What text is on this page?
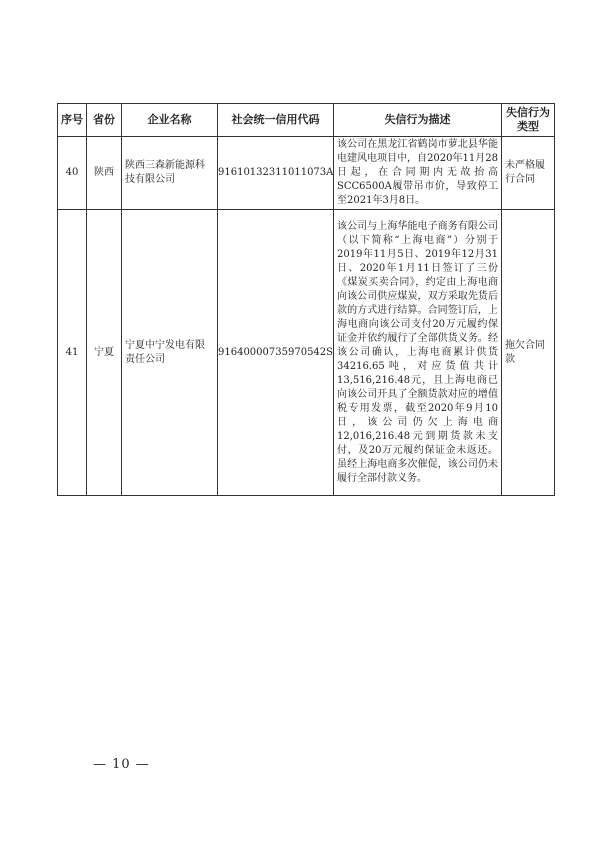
序号	省份	企业名称	社会统一信用代码	失信行为描述	失信行为类型
40	陕西	陕西三森新能源科技有限公司	91610132311011073A	该公司在黑龙江省鹤岗市萝北县华能电建风电项目中，自2020年11月28日起，在合同期内无故抬高SCC6500A履带吊市价，导致停工至2021年3月8日。	未严格履行合同
41	宁夏	宁夏中宁发电有限责任公司	91640000735970542S	该公司与上海华能电子商务有限公司（以下简称“上海电商”）分别于2019年11月5日、2019年12月31日、2020年1月11日签订了三份《煤炭买卖合同》，约定由上海电商向该公司供应煤炭，双方采取先货后款的方式进行结算。合同签订后，上海电商向该公司支付20万元履约保证金并依约履行了全部供货义务。经该公司确认，上海电商累计供货34216.65吨，对应货值共计13,516,216.48元，且上海电商已向该公司开具了全额货款对应的增值税专用发票，截至2020年9月10日，该公司仍欠上海电商12,016,216.48元到期货款未支付，及20万元履约保证金未返还。虽经上海电商多次催促，该公司仍未履行全部付款义务。	拖欠合同款
— 10 —
